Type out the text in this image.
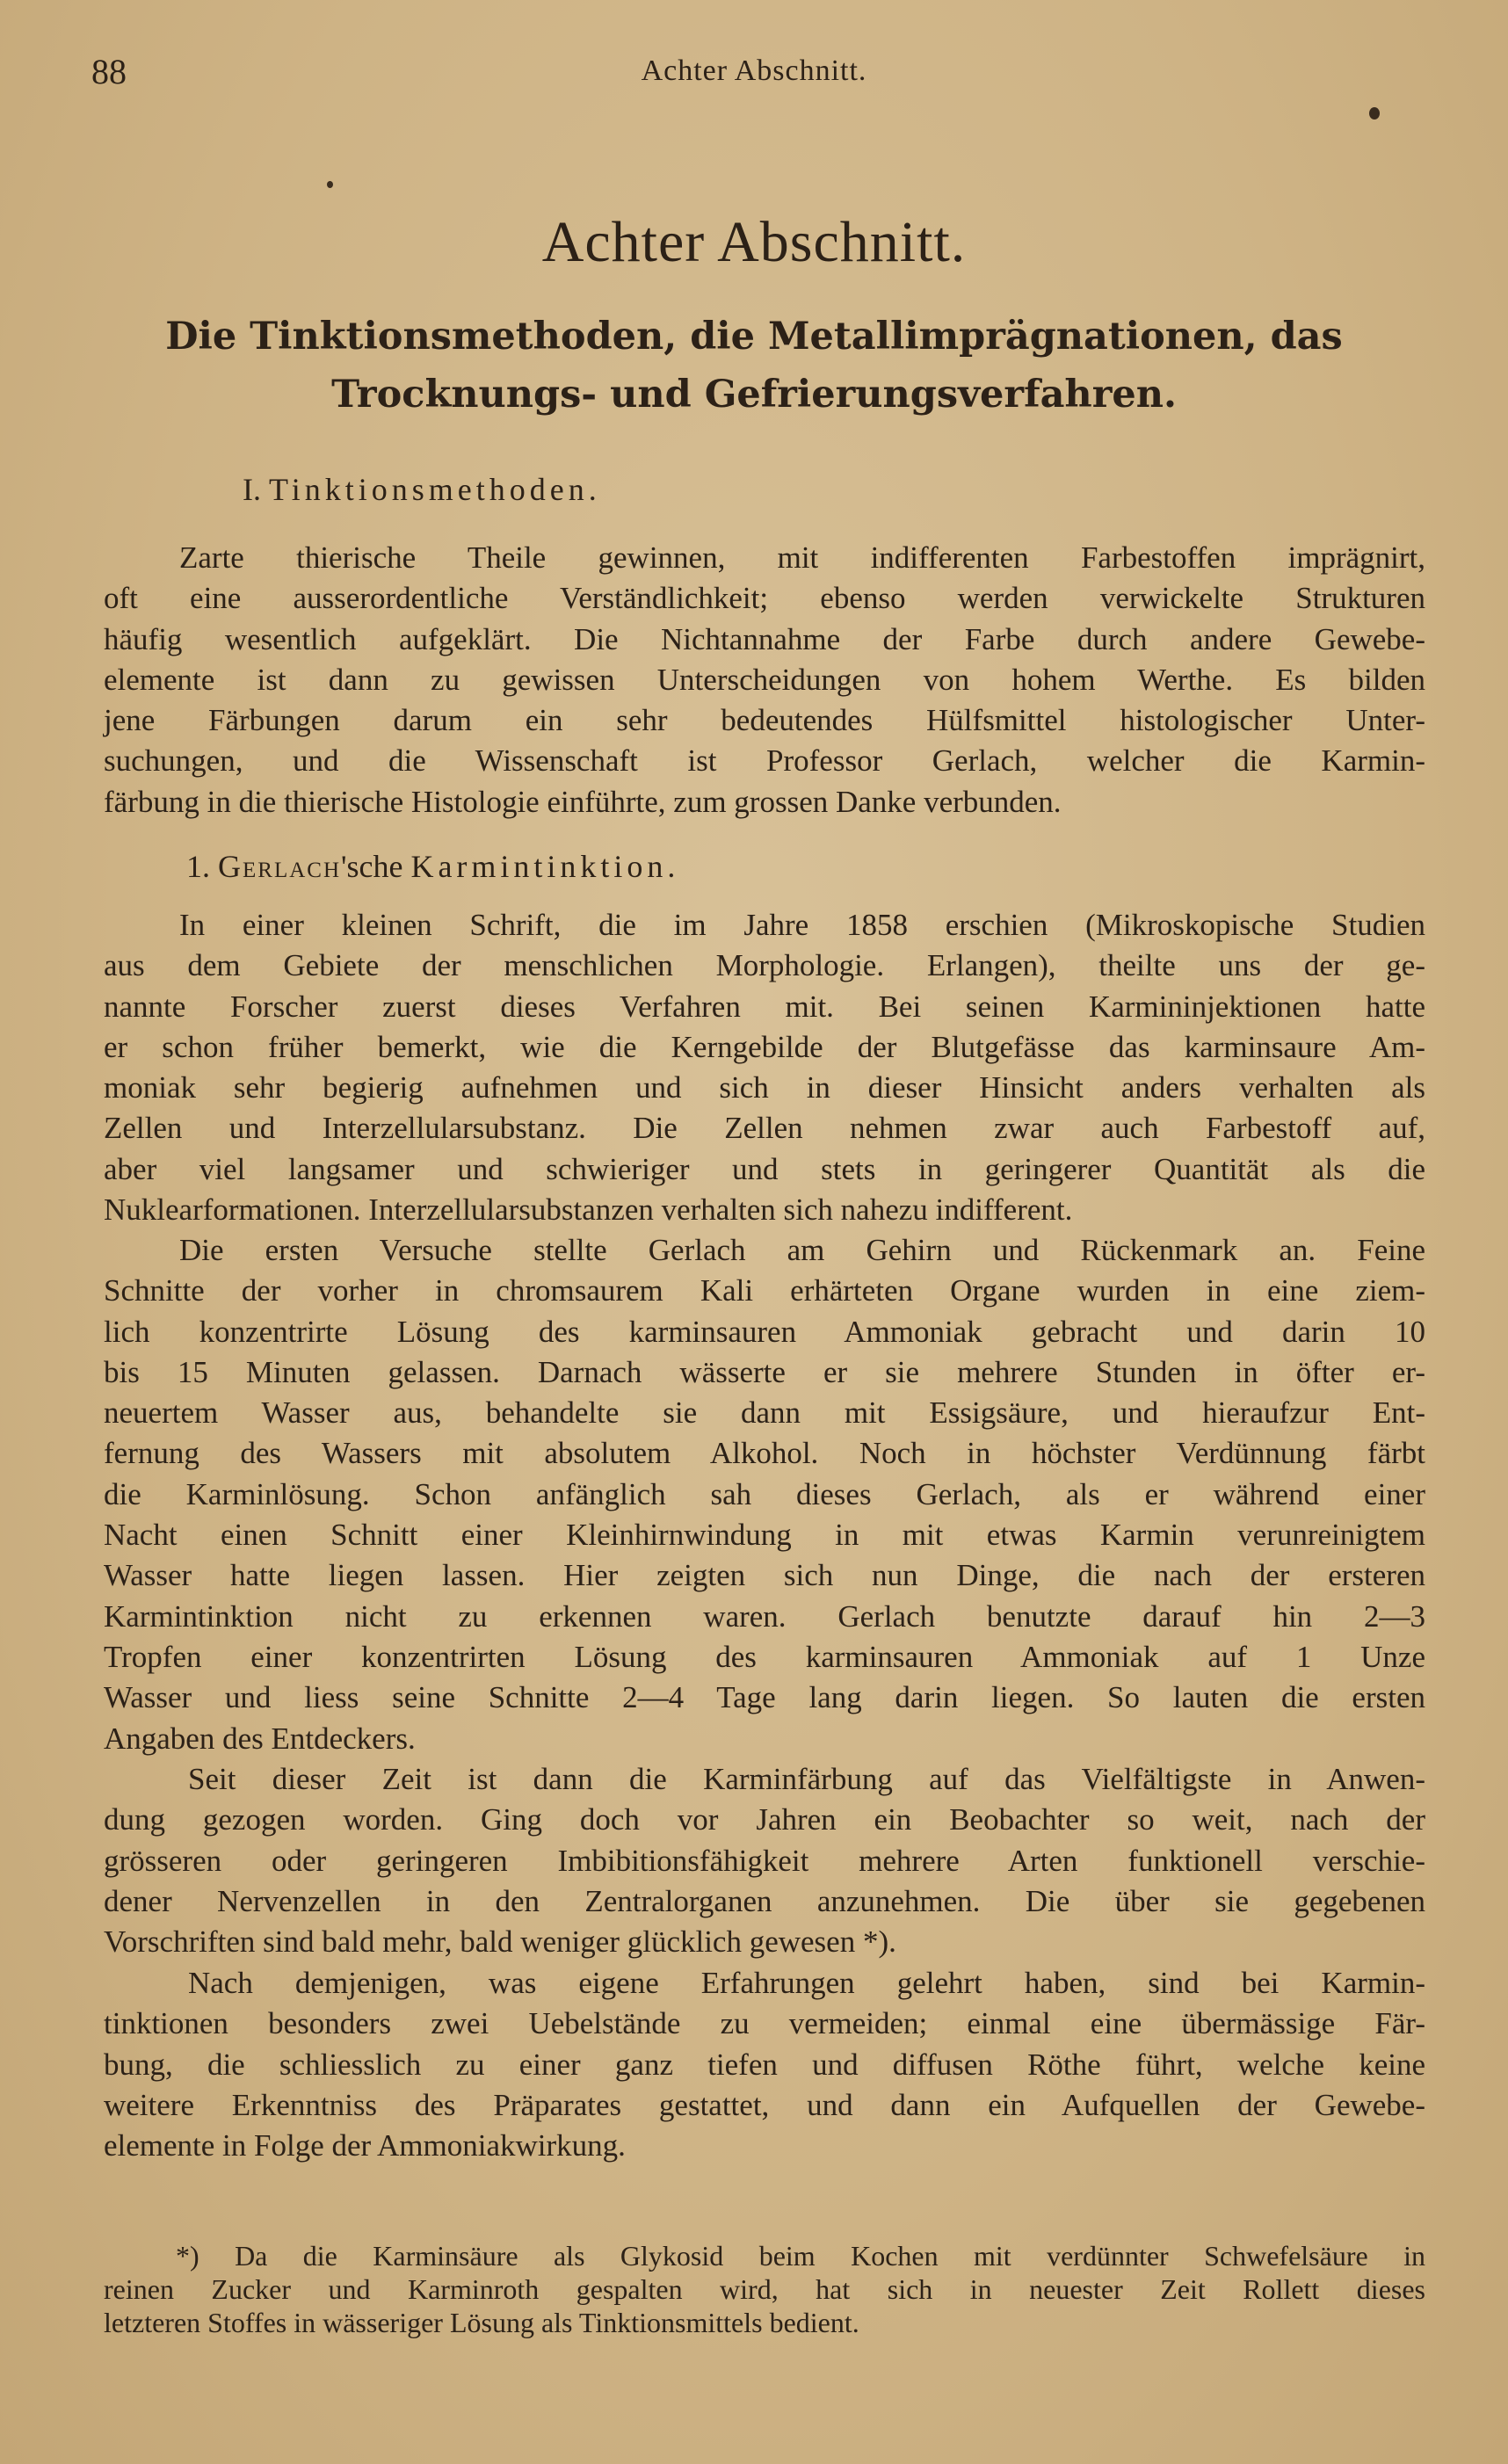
88	Achter Abschnitt.
Achter Abschnitt.
Die Tinktionsmethoden, die Metallimprägnationen, das
Trocknungs- und Gefrierungsverfahren.
I. Tinktionsmethoden.
Zarte thierische Theile gewinnen, mit indifferenten Farbestoffen imprägnirt,
oft eine ausserordentliche Verständlichkeit; ebenso werden verwickelte Strukturen
häufig wesentlich aufgeklärt. Die Nichtannahme der Farbe durch andere Gewebe-
elemente ist dann zu gewissen Unterscheidungen von hohem Werthe. Es bilden
jene Färbungen darum ein sehr bedeutendes Hülfsmittel histologischer Unter-
suchungen, und die Wissenschaft ist Professor Gerlach, welcher die Karmin-
färbung in die thierische Histologie einführte, zum grossen Danke verbunden.
1. Gerlach'sche Karmintinktion.
In einer kleinen Schrift, die im Jahre 1858 erschien (Mikroskopische Studien
aus dem Gebiete der menschlichen Morphologie. Erlangen), theilte uns der ge-
nannte Forscher zuerst dieses Verfahren mit. Bei seinen Karmininjektionen hatte
er schon früher bemerkt, wie die Kerngebilde der Blutgefässe das karminsaure Am-
moniak sehr begierig aufnehmen und sich in dieser Hinsicht anders verhalten als
Zellen und Interzellularsubstanz. Die Zellen nehmen zwar auch Farbestoff auf,
aber viel langsamer und schwieriger und stets in geringerer Quantität als die
Nuklearformationen. Interzellularsubstanzen verhalten sich nahezu indifferent.
Die ersten Versuche stellte Gerlach am Gehirn und Rückenmark an. Feine
Schnitte der vorher in chromsaurem Kali erhärteten Organe wurden in eine ziem-
lich konzentrirte Lösung des karminsauren Ammoniak gebracht und darin 10
bis 15 Minuten gelassen. Darnach wässerte er sie mehrere Stunden in öfter er-
neuertem Wasser aus, behandelte sie dann mit Essigsäure, und hieraufzur Ent-
fernung des Wassers mit absolutem Alkohol. Noch in höchster Verdünnung färbt
die Karminlösung. Schon anfänglich sah dieses Gerlach, als er während einer
Nacht einen Schnitt einer Kleinhirnwindung in mit etwas Karmin verunreinigtem
Wasser hatte liegen lassen. Hier zeigten sich nun Dinge, die nach der ersteren
Karmintinktion nicht zu erkennen waren. Gerlach benutzte darauf hin 2—3
Tropfen einer konzentrirten Lösung des karminsauren Ammoniak auf 1 Unze
Wasser und liess seine Schnitte 2—4 Tage lang darin liegen. So lauten die ersten
Angaben des Entdeckers.
Seit dieser Zeit ist dann die Karminfärbung auf das Vielfältigste in Anwen-
dung gezogen worden. Ging doch vor Jahren ein Beobachter so weit, nach der
grösseren oder geringeren Imbibitionsfähigkeit mehrere Arten funktionell verschie-
dener Nervenzellen in den Zentralorganen anzunehmen. Die über sie gegebenen
Vorschriften sind bald mehr, bald weniger glücklich gewesen *).
Nach demjenigen, was eigene Erfahrungen gelehrt haben, sind bei Karmin-
tinktionen besonders zwei Uebelstände zu vermeiden; einmal eine übermässige Fär-
bung, die schliesslich zu einer ganz tiefen und diffusen Röthe führt, welche keine
weitere Erkenntniss des Präparates gestattet, und dann ein Aufquellen der Gewebe-
elemente in Folge der Ammoniakwirkung.
*) Da die Karminsäure als Glykosid beim Kochen mit verdünnter Schwefelsäure in
reinen Zucker und Karminroth gespalten wird, hat sich in neuester Zeit Rollett dieses
letzteren Stoffes in wässeriger Lösung als Tinktionsmittels bedient.
